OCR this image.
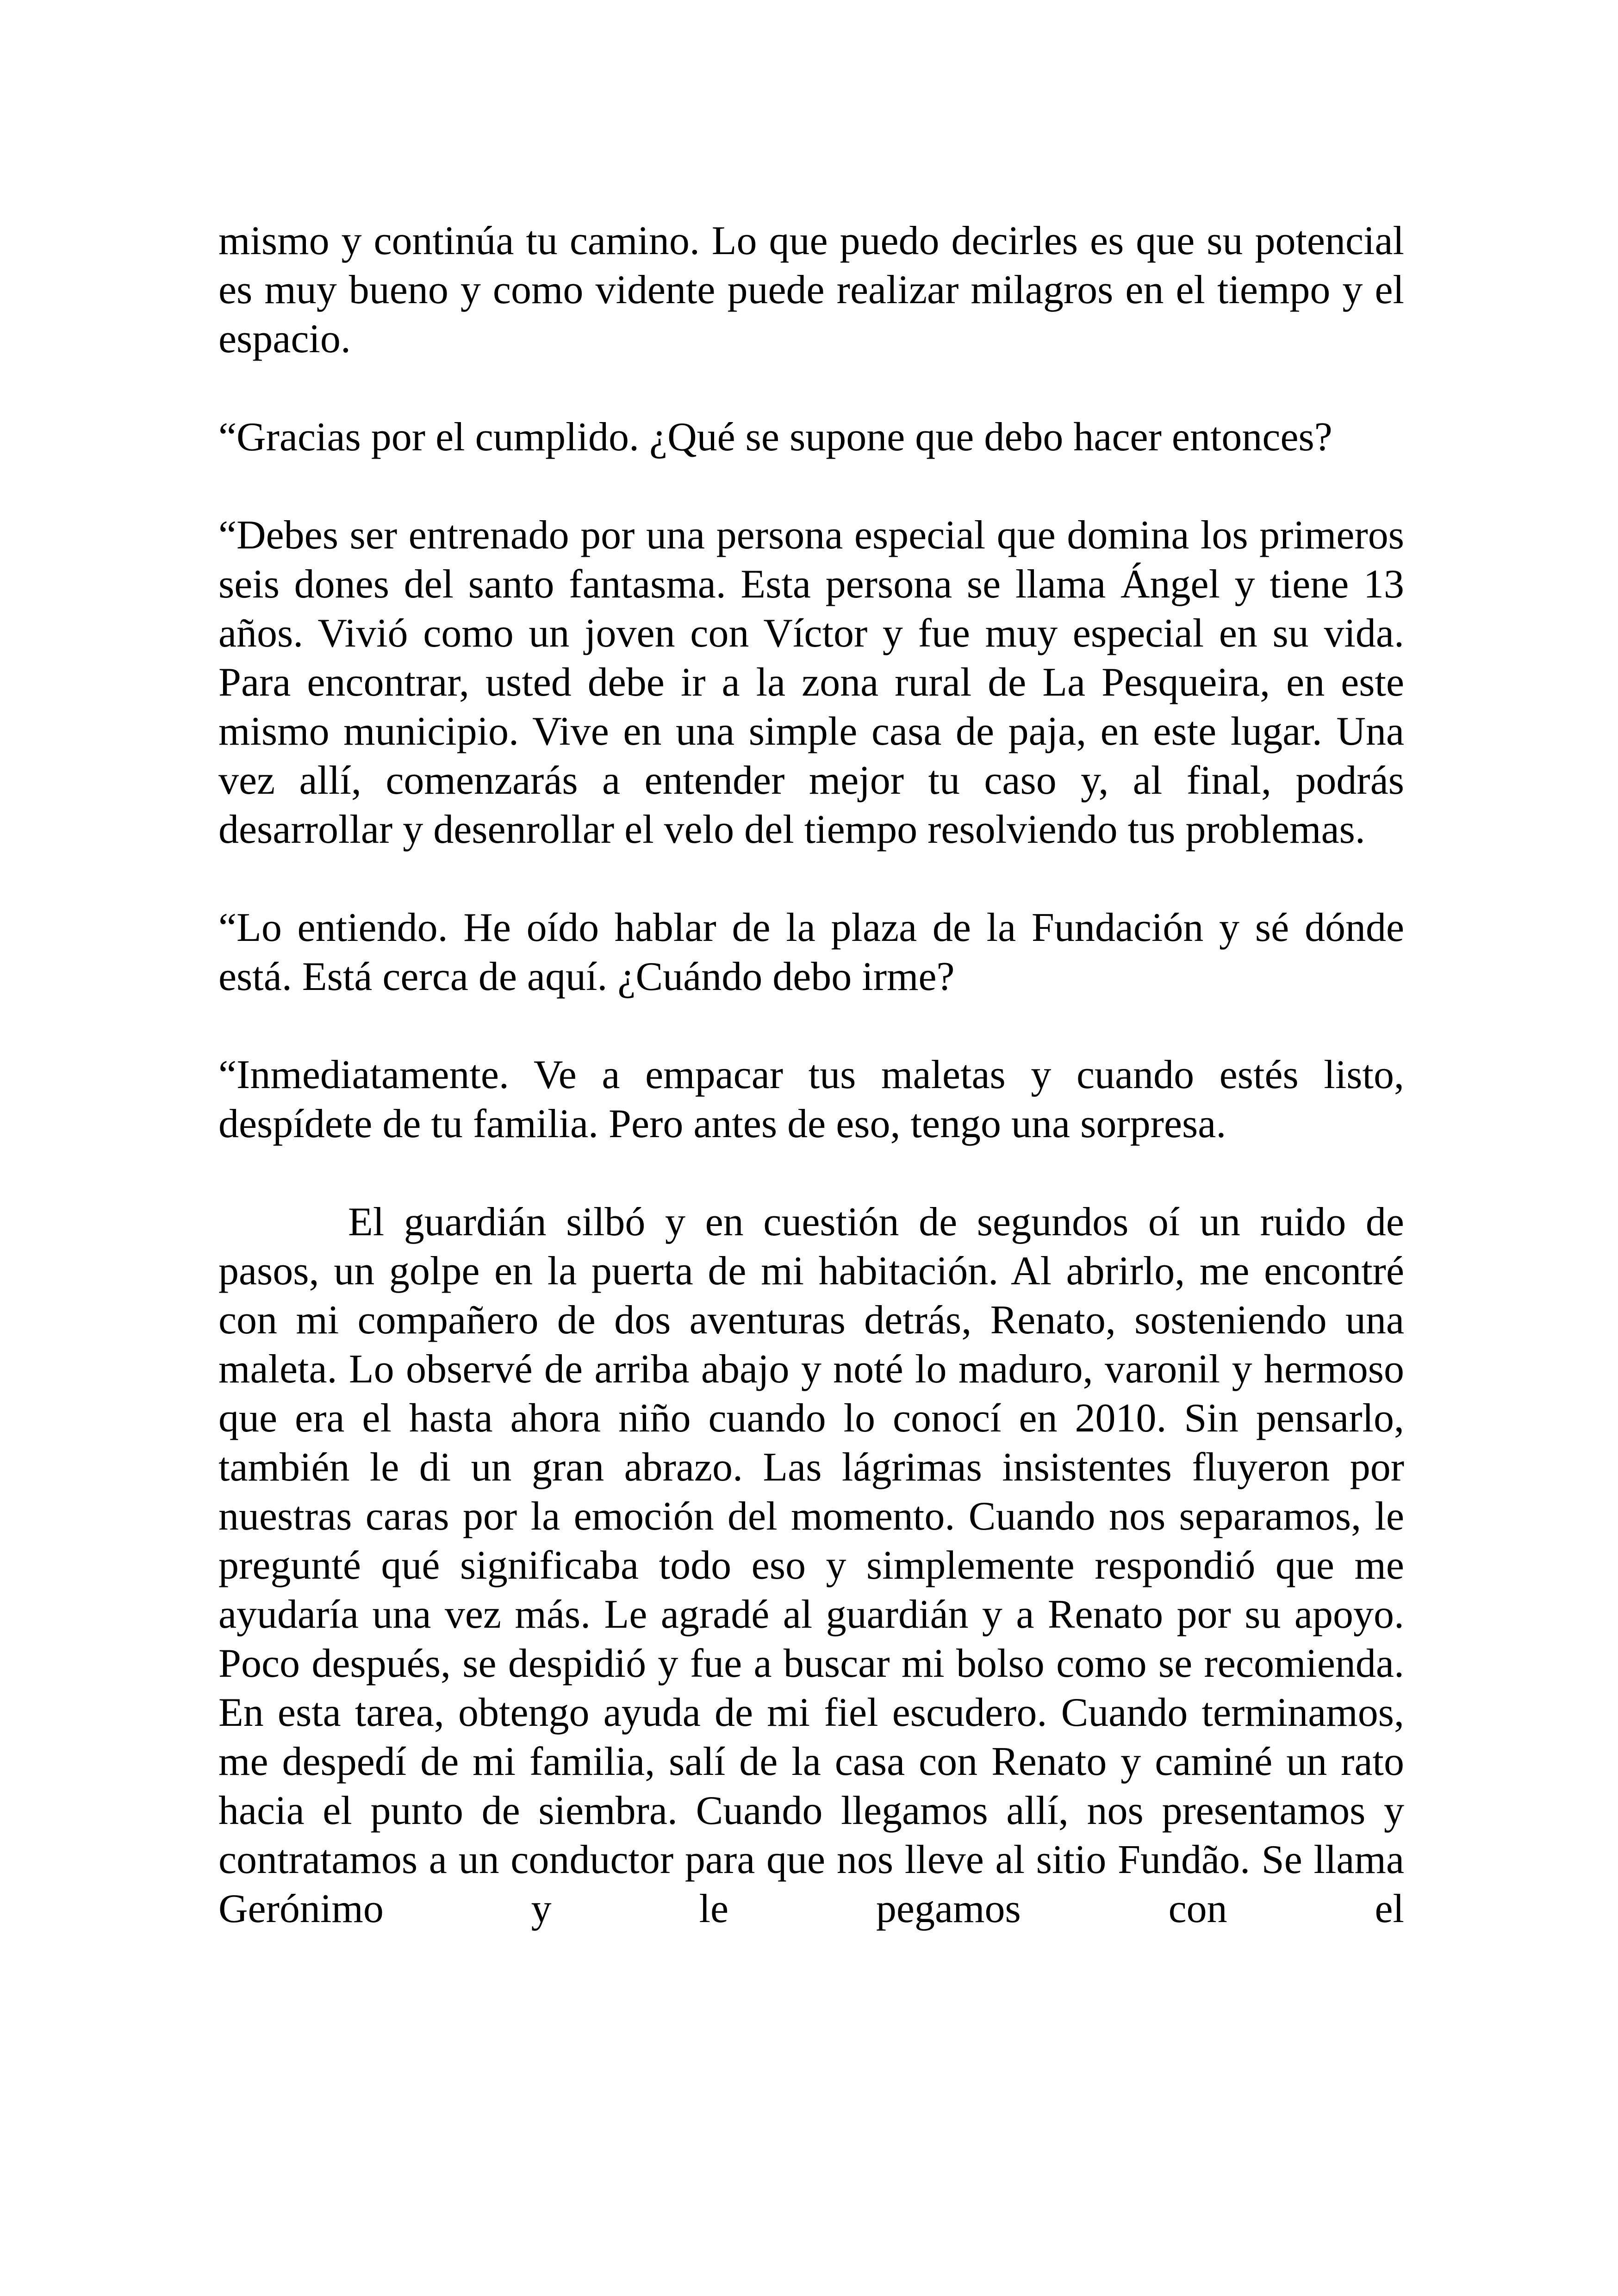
mismo y continúa tu camino. Lo que puedo decirles es que su potencial es muy bueno y como vidente puede realizar milagros en el tiempo y el espacio.

“Gracias por el cumplido. ¿Qué se supone que debo hacer entonces?

“Debes ser entrenado por una persona especial que domina los primeros seis dones del santo fantasma. Esta persona se llama Ángel y tiene 13 años. Vivió como un joven con Víctor y fue muy especial en su vida. Para encontrar, usted debe ir a la zona rural de La Pesqueira, en este mismo municipio. Vive en una simple casa de paja, en este lugar. Una vez allí, comenzarás a entender mejor tu caso y, al final, podrás desarrollar y desenrollar el velo del tiempo resolviendo tus problemas.

“Lo entiendo. He oído hablar de la plaza de la Fundación y sé dónde está. Está cerca de aquí. ¿Cuándo debo irme?

“Inmediatamente. Ve a empacar tus maletas y cuando estés listo, despídete de tu familia. Pero antes de eso, tengo una sorpresa.

El guardián silbó y en cuestión de segundos oí un ruido de pasos, un golpe en la puerta de mi habitación. Al abrirlo, me encontré con mi compañero de dos aventuras detrás, Renato, sosteniendo una maleta. Lo observé de arriba abajo y noté lo maduro, varonil y hermoso que era el hasta ahora niño cuando lo conocí en 2010. Sin pensarlo, también le di un gran abrazo. Las lágrimas insistentes fluyeron por nuestras caras por la emoción del momento. Cuando nos separamos, le pregunté qué significaba todo eso y simplemente respondió que me ayudaría una vez más. Le agradé al guardián y a Renato por su apoyo. Poco después, se despidió y fue a buscar mi bolso como se recomienda. En esta tarea, obtengo ayuda de mi fiel escudero. Cuando terminamos, me despedí de mi familia, salí de la casa con Renato y caminé un rato hacia el punto de siembra. Cuando llegamos allí, nos presentamos y contratamos a un conductor para que nos lleve al sitio Fundão. Se llama Gerónimo y le pegamos con el
